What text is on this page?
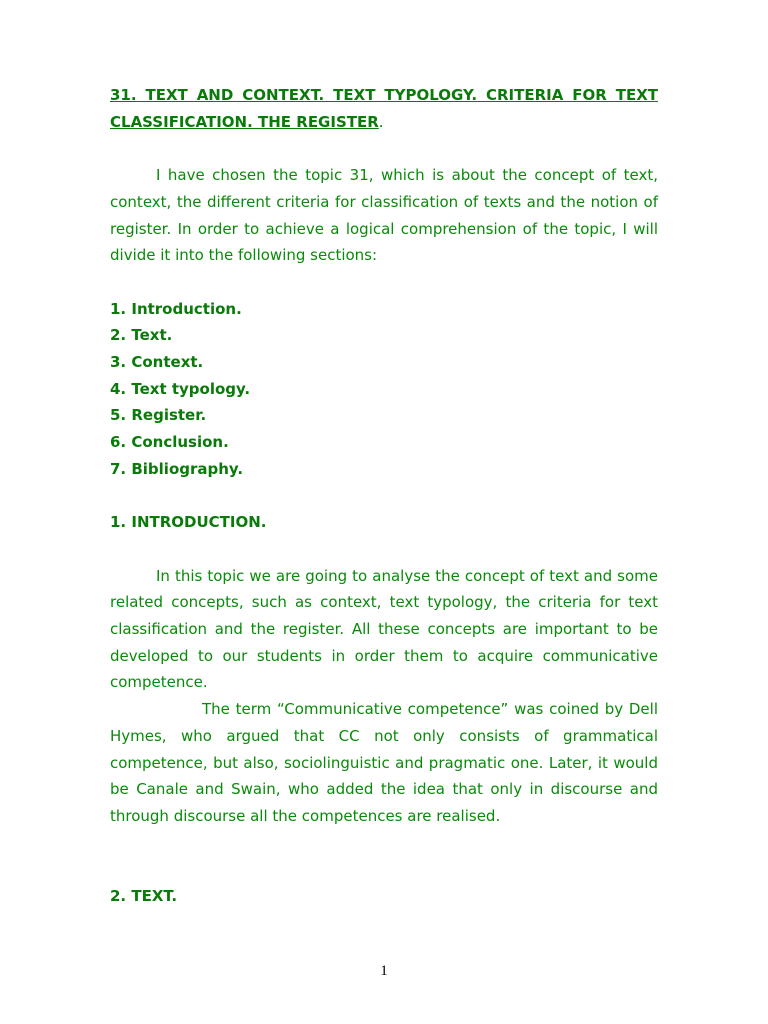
31. TEXT AND CONTEXT. TEXT TYPOLOGY. CRITERIA FOR TEXT CLASSIFICATION. THE REGISTER.

I have chosen the topic 31, which is about the concept of text, context, the different criteria for classification of texts and the notion of register. In order to achieve a logical comprehension of the topic, I will divide it into the following sections:

1. Introduction.
2. Text.
3. Context.
4. Text typology.
5. Register.
6. Conclusion.
7. Bibliography.

1. INTRODUCTION.

In this topic we are going to analyse the concept of text and some related concepts, such as context, text typology, the criteria for text classification and the register. All these concepts are important to be developed to our students in order them to acquire communicative competence.

The term “Communicative competence” was coined by Dell Hymes, who argued that CC not only consists of grammatical competence, but also, sociolinguistic and pragmatic one. Later, it would be Canale and Swain, who added the idea that only in discourse and through discourse all the competences are realised.

2. TEXT.

1
